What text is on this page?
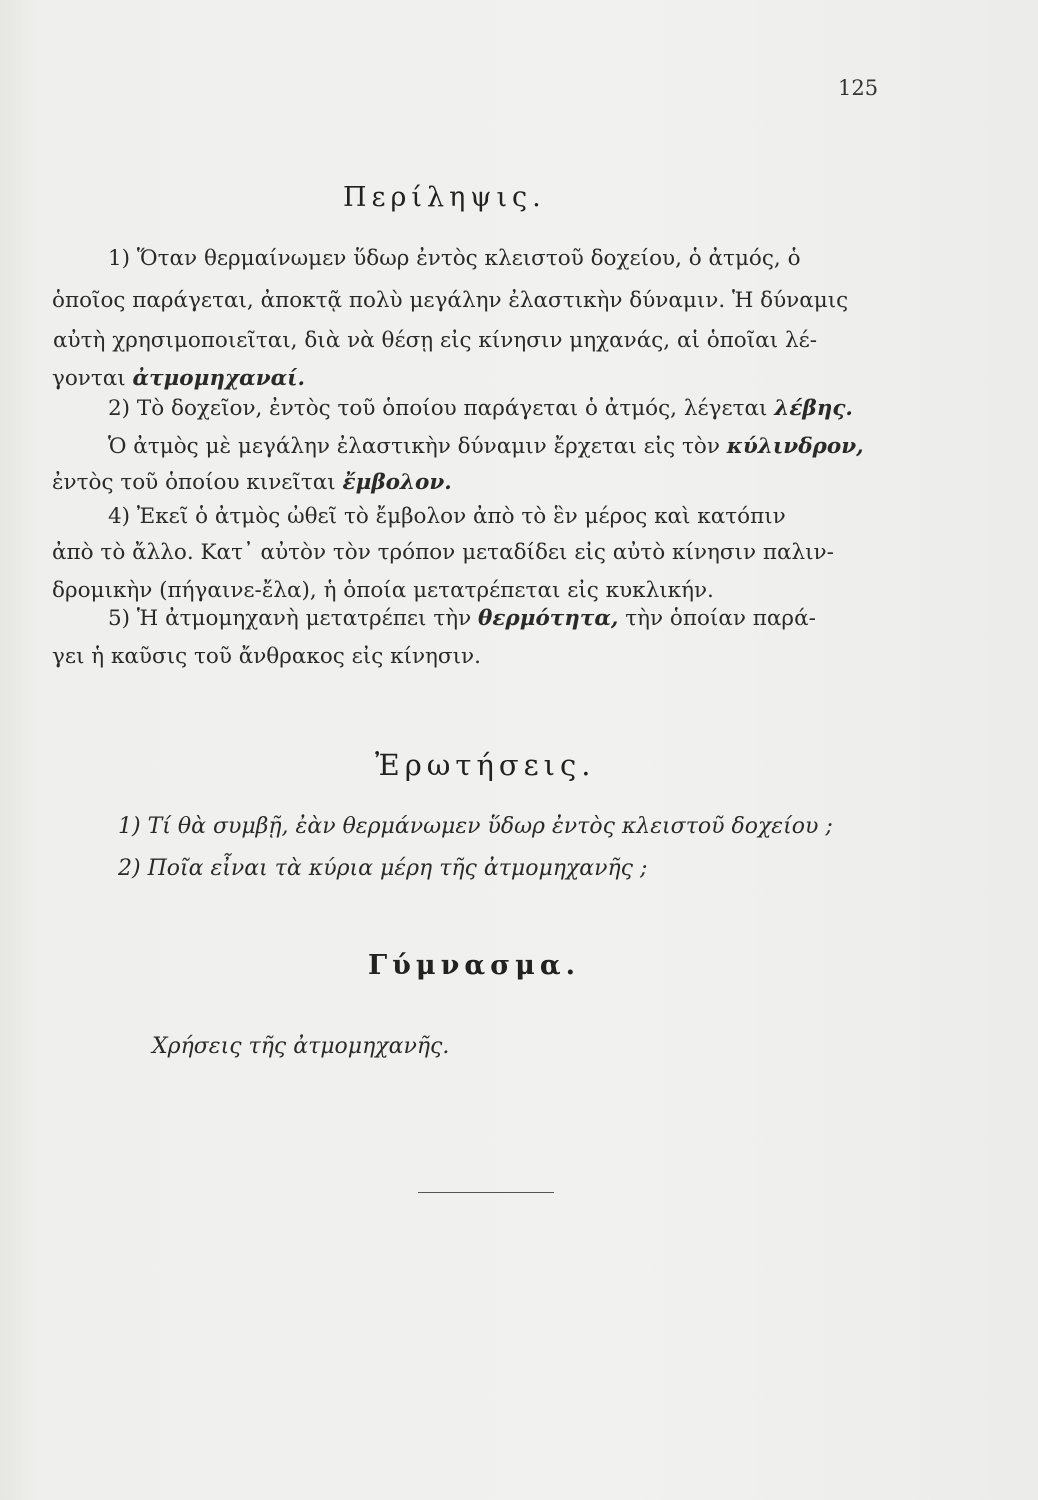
125
Περίληψις.
1) Ὅταν θερμαίνωμεν ὕδωρ ἐντὸς κλειστοῦ δοχείου, ὁ ἀτμός, ὁ
ὁποῖος παράγεται, ἀποκτᾷ πολὺ μεγάλην ἐλαστικὴν δύναμιν. Ἡ δύναμις
αὐτὴ χρησιμοποιεῖται, διὰ νὰ θέσῃ εἰς κίνησιν μηχανάς, αἱ ὁποῖαι λέ-
γονται ἀτμομηχαναί.
2) Τὸ δοχεῖον, ἐντὸς τοῦ ὁποίου παράγεται ὁ ἀτμός, λέγεται λέβης.
Ὁ ἀτμὸς μὲ μεγάλην ἐλαστικὴν δύναμιν ἔρχεται εἰς τὸν κύλινδρον,
ἐντὸς τοῦ ὁποίου κινεῖται ἔμβολον.
4) Ἐκεῖ ὁ ἀτμὸς ὠθεῖ τὸ ἔμβολον ἀπὸ τὸ ἓν μέρος καὶ κατόπιν
ἀπὸ τὸ ἄλλο. Κατ᾽ αὐτὸν τὸν τρόπον μεταδίδει εἰς αὐτὸ κίνησιν παλιν-
δρομικὴν (πήγαινε-ἔλα), ἡ ὁποία μετατρέπεται εἰς κυκλικήν.
5) Ἡ ἀτμομηχανὴ μετατρέπει τὴν θερμότητα, τὴν ὁποίαν παρά-
γει ἡ καῦσις τοῦ ἄνθρακος εἰς κίνησιν.
Ἐρωτήσεις.
1) Τί θὰ συμβῇ, ἐὰν θερμάνωμεν ὕδωρ ἐντὸς κλειστοῦ δοχείου ;
2) Ποῖα εἶναι τὰ κύρια μέρη τῆς ἀτμομηχανῆς ;
Γύμνασμα.
Χρήσεις τῆς ἀτμομηχανῆς.
